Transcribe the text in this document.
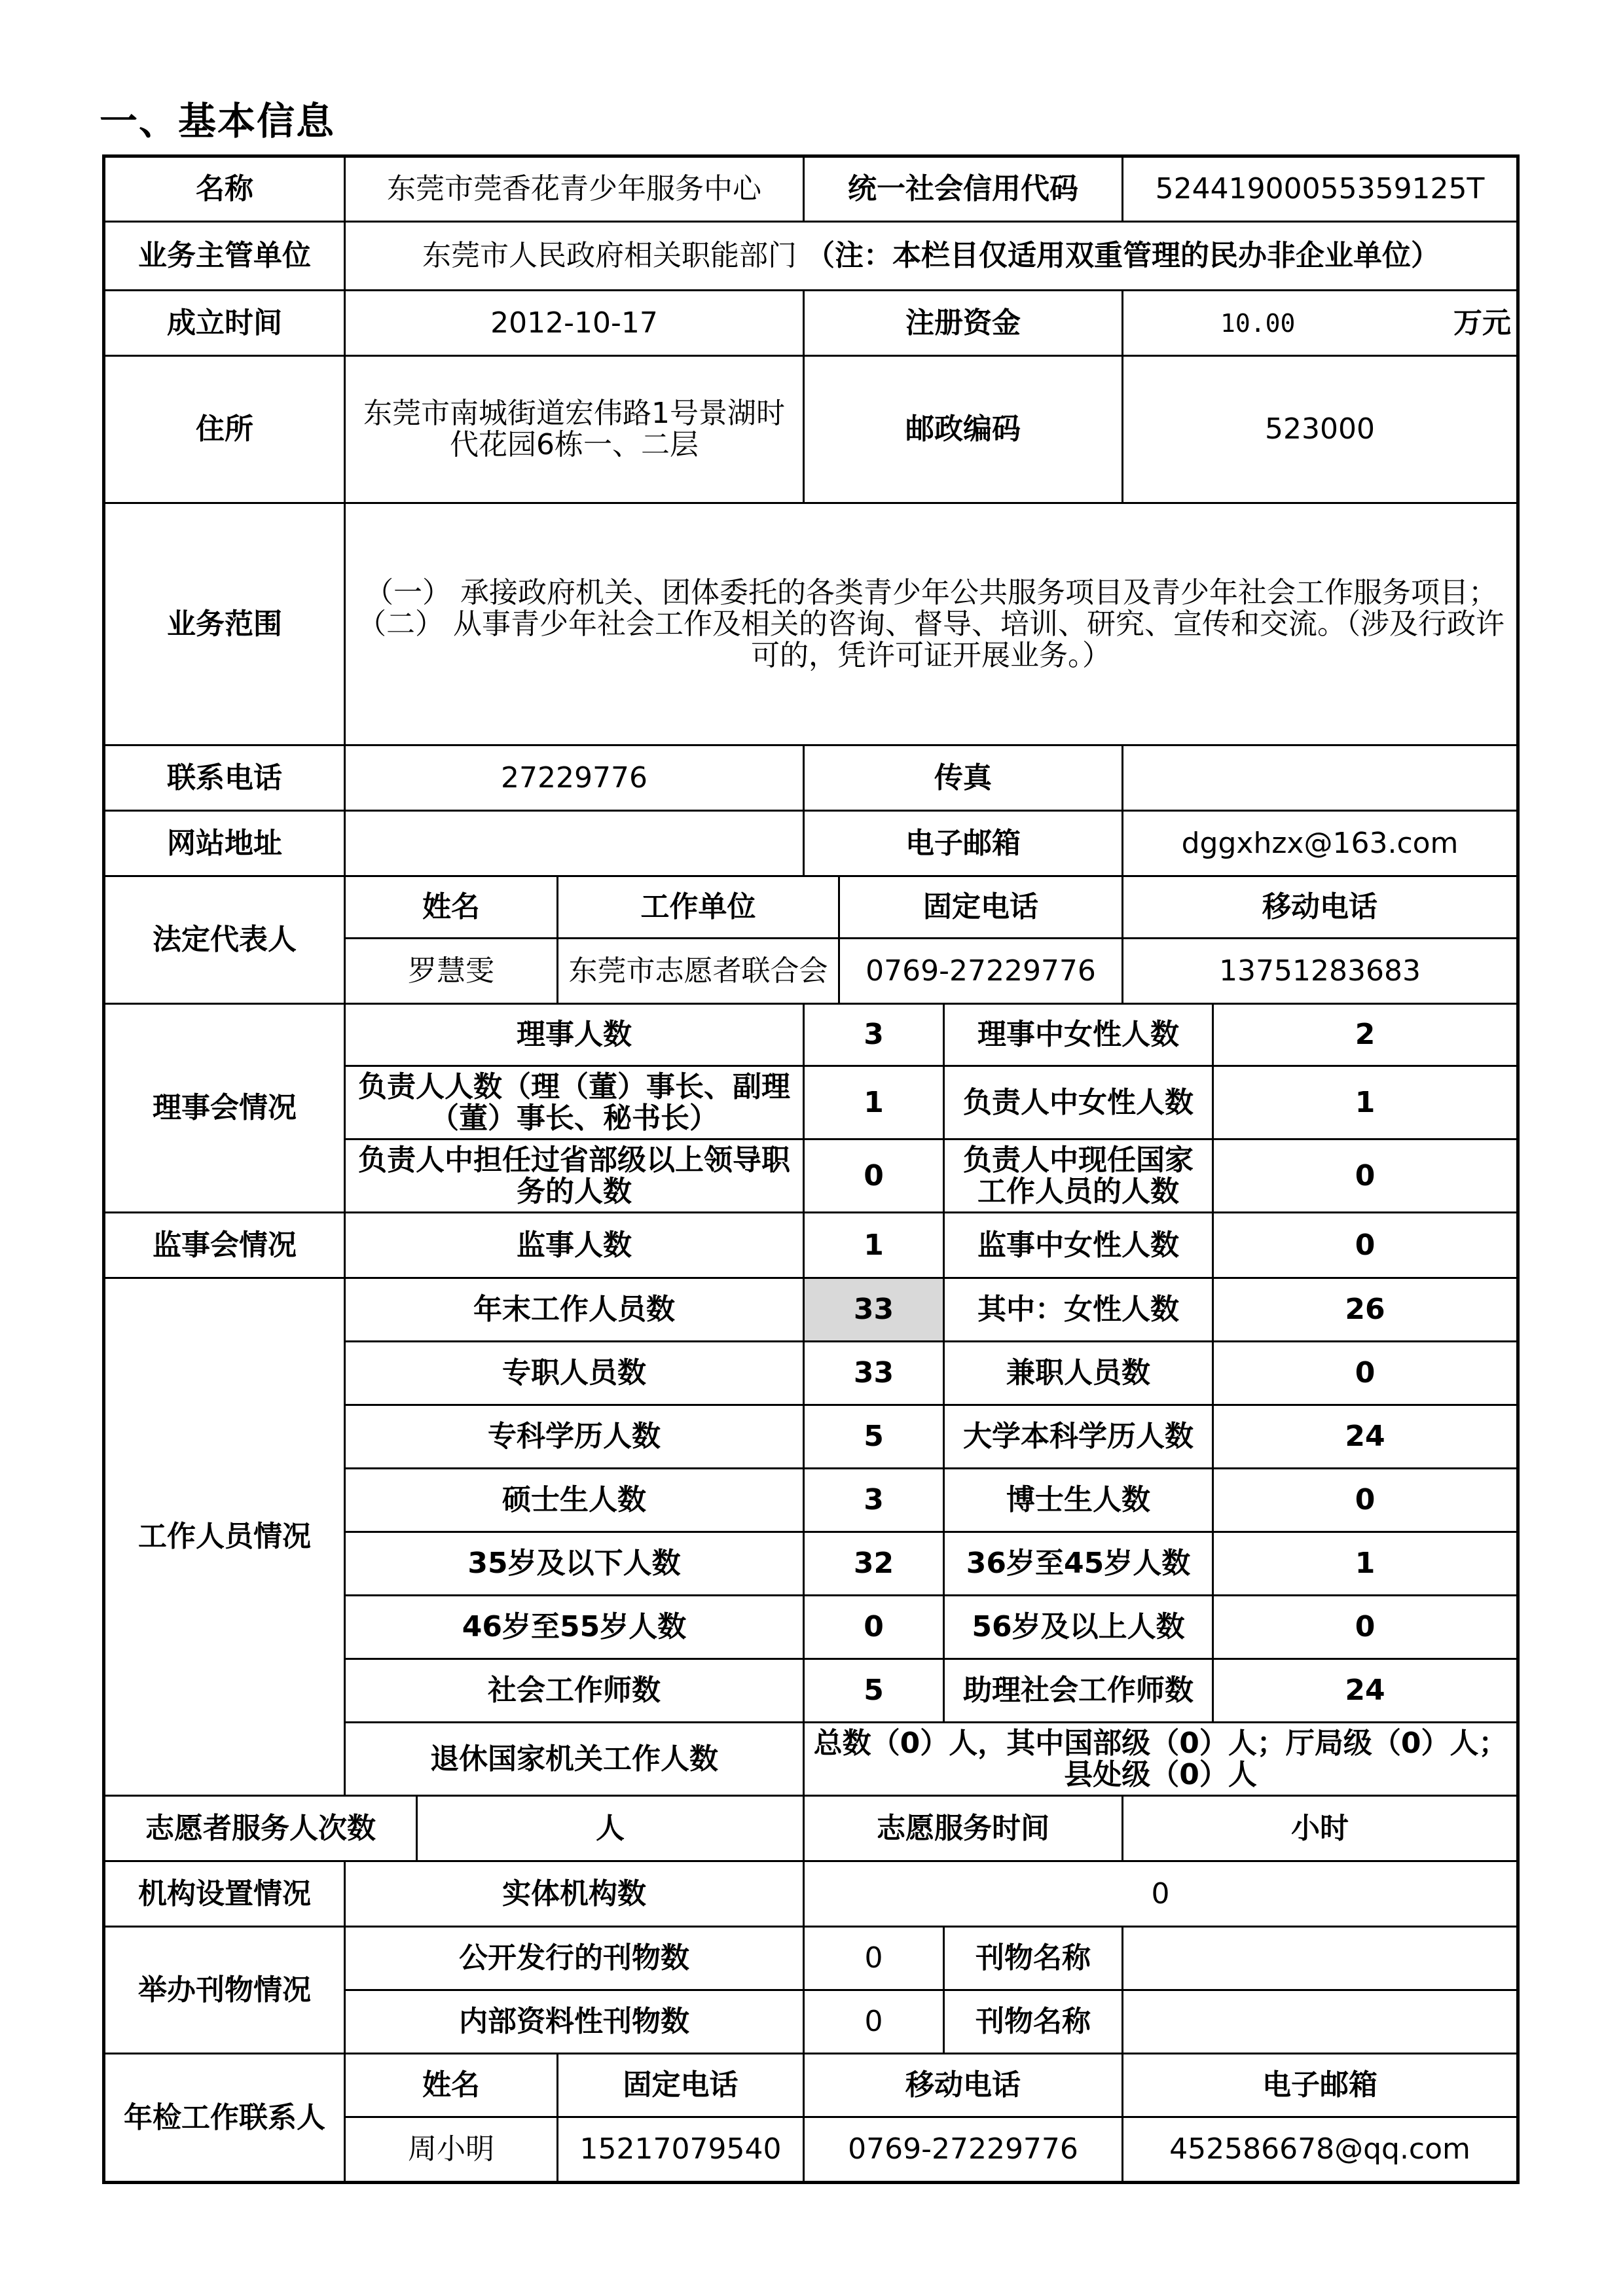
一、基本信息
名称	东莞市莞香花青少年服务中心			统一社会信用代码			52441900055359125T	
业务主管单位	东莞市人民政府相关职能部门 （注：本栏目仅适用双重管理的民办非企业单位）							
成立时间	2012-10-17			注册资金			10.00 万元	

住所	东莞市南城街道宏伟路1号景湖时代花园6栋一、二层			邮政编码			523000	
业务范围	（一） 承接政府机关、团体委托的各类青少年公共服务项目及青少年社会工作服务项目；（二） 从事青少年社会工作及相关的咨询、督导、培训、研究、宣传和交流。（涉及行政许可的，凭许可证开展业务。）							
联系电话	27229776			传真				
网站地址				电子邮箱			dggxhzx@163.com	
法定代表人	姓名		工作单位		固定电话		移动电话	
	罗慧雯		东莞市志愿者联合会		0769-27229776		13751283683	
理事会情况	理事人数			3		理事中女性人数		2
	负责人人数（理（董）事长、副理（董）事长、秘书长）			1		负责人中女性人数		1
	负责人中担任过省部级以上领导职务的人数			0		负责人中现任国家工作人员的人数		0
监事会情况	监事人数			1		监事中女性人数		0
工作人员情况	年末工作人员数			33		其中：女性人数		26
	专职人员数			33		兼职人员数		0
	专科学历人数			5		大学本科学历人数		24
	硕士生人数			3		博士生人数		0
	35岁及以下人数			32		36岁至45岁人数		1
	46岁至55岁人数			0		56岁及以上人数		0
	社会工作师数			5		助理社会工作师数		24
	退休国家机关工作人数			总数（0）人，其中国部级（0）人；厅局级（0）人；县处级（0）人				
志愿者服务人次数		人		志愿服务时间			小时	
机构设置情况	实体机构数			0				
举办刊物情况	公开发行的刊物数			0		刊物名称		
	内部资料性刊物数			0		刊物名称		
年检工作联系人	姓名		固定电话	移动电话			电子邮箱	
	周小明		15217079540	0769-27229776			452586678@qq.com	
